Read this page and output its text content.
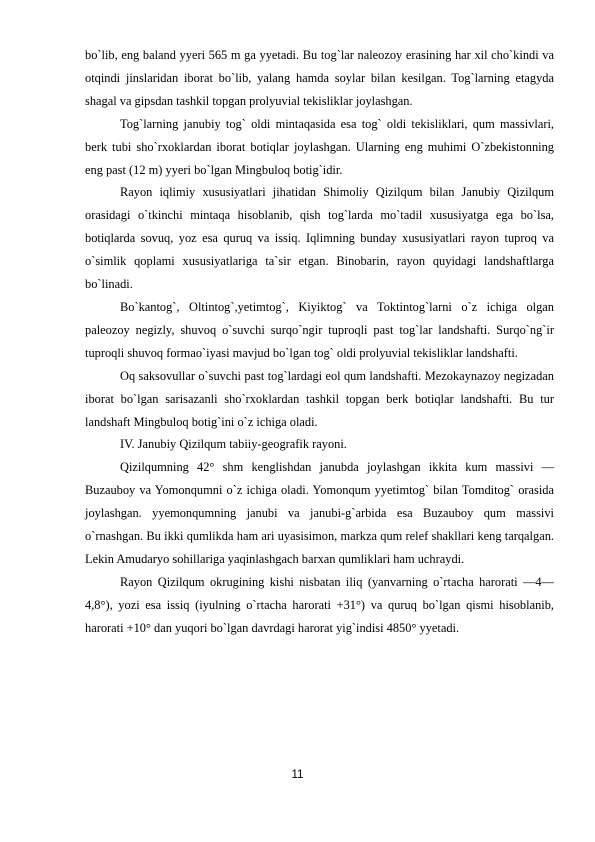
bo`lib, eng baland yyeri 565 m ga yyetadi. Bu tog`lar naleozoy erasining har xil cho`kindi va otqindi jinslaridan iborat bo`lib, yalang hamda soylar bilan kesilgan. Tog`larning etagyda shagal va gipsdan tashkil topgan prolyuvial tekisliklar joylashgan.

Tog`larning janubiy tog` oldi mintaqasida esa tog` oldi tekisliklari, qum massivlari, berk tubi sho`rxoklardan iborat botiqlar joylashgan. Ularning eng muhimi O`zbekistonning eng past (12 m) yyeri bo`lgan Mingbuloq botig`idir.

Rayon iqlimiy xususiyatlari jihatidan Shimoliy Qizilqum bilan Janubiy Qizilqum orasidagi o`tkinchi mintaqa hisoblanib, qish tog`larda mo`tadil xususiyatga ega bo`lsa, botiqlarda sovuq, yoz esa quruq va issiq. Iqlimning bunday xususiyatlari rayon tuproq va o`simlik qoplami xususiyatlariga ta`sir etgan. Binobarin, rayon quyidagi landshaftlarga bo`linadi.

Bo`kantog`, Oltintog`,yetimtog`, Kiyiktog` va Toktintog`larni o`z ichiga olgan paleozoy negizly, shuvoq o`suvchi surqo`ngir tuproqli past tog`lar landshafti. Surqo`ng`ir tuproqli shuvoq formao`iyasi mavjud bo`lgan tog` oldi prolyuvial tekisliklar landshafti.

Oq saksovullar o`suvchi past tog`lardagi eol qum landshafti. Mezokaynazoy negizadan iborat bo`lgan sarisazanli sho`rxoklardan tashkil topgan berk botiqlar landshafti. Bu tur landshaft Mingbuloq botig`ini o`z ichiga oladi.

IV. Janubiy Qizilqum tabiiy-geografik rayoni.

Qizilqumning 42° shm kenglishdan janubda joylashgan ikkita kum massivi — Buzauboy va Yomonqumni o`z ichiga oladi. Yomonqum yyetimtog` bilan Tomditog` orasida joylashgan. yyemonqumning janubi va janubi-g`arbida esa Buzauboy qum massivi o`rnashgan. Bu ikki qumlikda ham ari uyasisimon, markza qum relef shakllari keng tarqalgan. Lekin Amudaryo sohillariga yaqinlashgach barxan qumliklari ham uchraydi.

Rayon Qizilqum okrugining kishi nisbatan iliq (yanvarning o`rtacha harorati —4—4,8°), yozi esa issiq (iyulning o`rtacha harorati +31°) va quruq bo`lgan qismi hisoblanib, harorati +10° dan yuqori bo`lgan davrdagi harorat yig`indisi 4850° yyetadi.

11
